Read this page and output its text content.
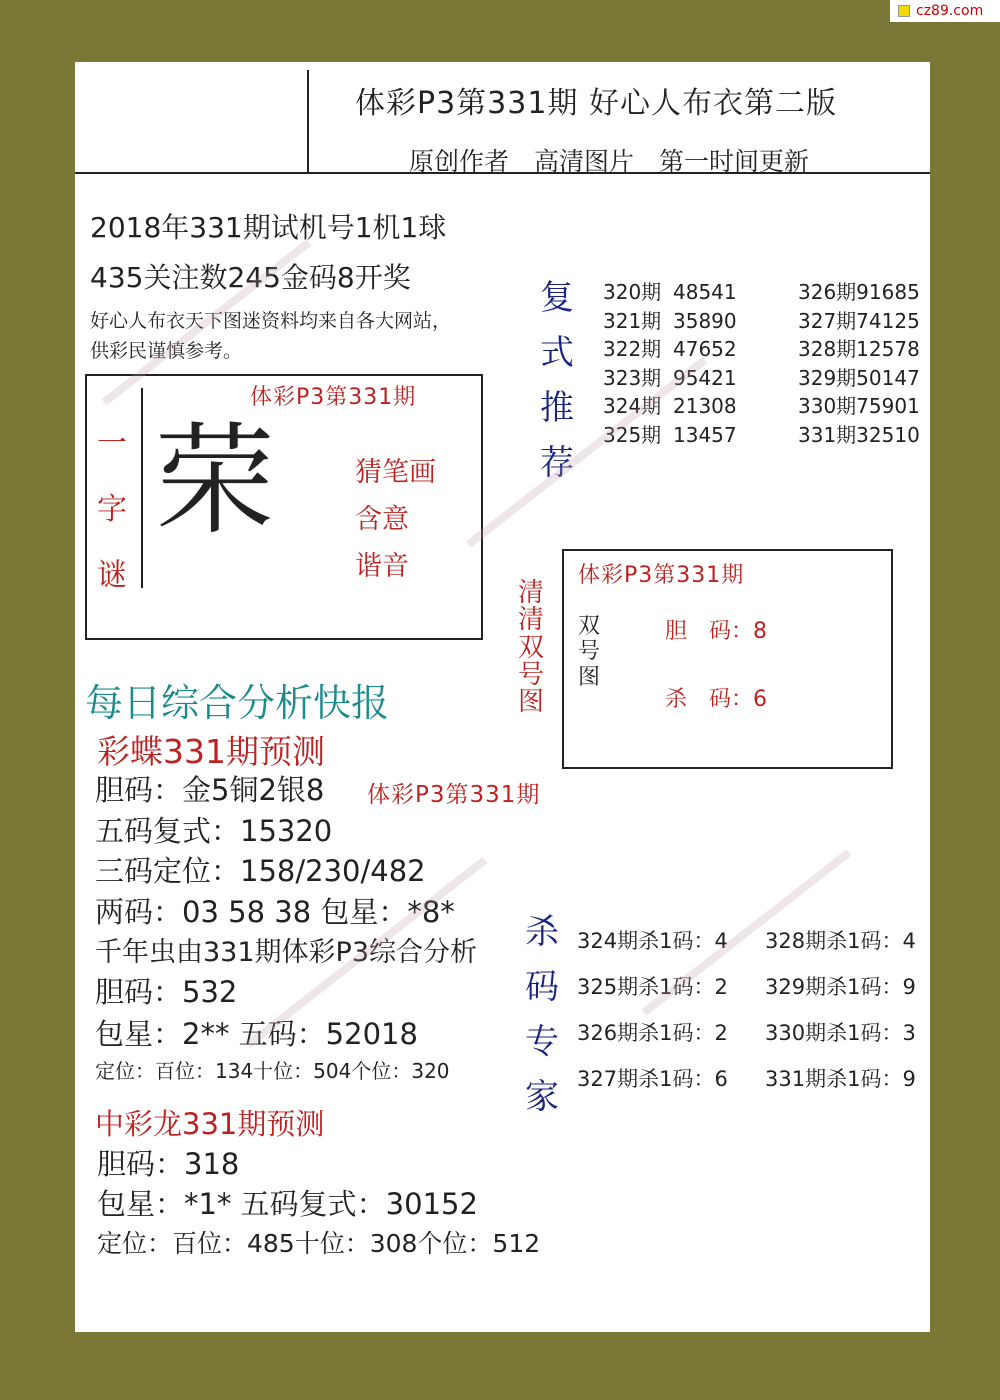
cz89.com
体彩P3第331期 好心人布衣第二版
原创作者　高清图片　第一时间更新
2018年331期试机号1机1球
435关注数245金码8开奖
好心人布衣天下图迷资料均来自各大网站，
供彩民谨慎参考。
一
字
谜
体彩P3第331期
荣	猜笔画
含意
谐音
复
式
推
荐
320期 48541
321期 35890
322期 47652
323期 95421
324期 21308
325期 13457
326期91685
327期74125
328期12578
329期50147
330期75901
331期32510
清
清
双
号
图
体彩P3第331期
双
号
图
胆　码：8
杀　码：6
每日综合分析快报
彩蝶331期预测
体彩P3第331期
胆码：金5铜2银8
五码复式：15320
三码定位：158/230/482
两码：03 58 38 包星：*8*
千年虫由331期体彩P3综合分析
胆码：532
包星：2** 五码：52018
定位：百位：134十位：504个位：320
杀
码
专
家
324期杀1码：4
325期杀1码：2
326期杀1码：2
327期杀1码：6
328期杀1码：4
329期杀1码：9
330期杀1码：3
331期杀1码：9
中彩龙331期预测
胆码：318
包星：*1* 五码复式：30152
定位：百位：485十位：308个位：512
